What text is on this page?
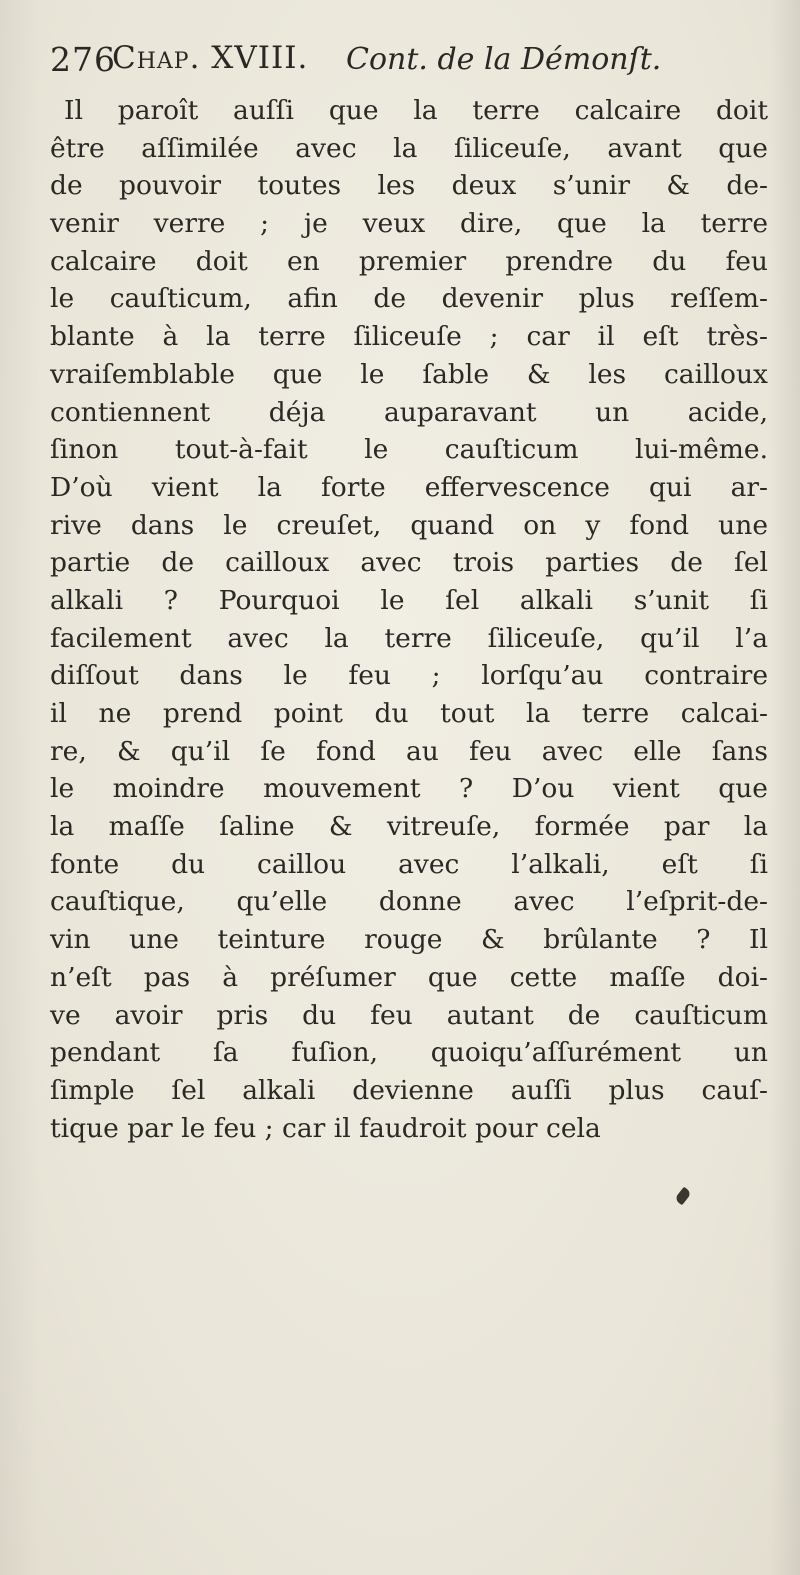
276
Chap. XVIII. Cont. de la Démonſt.
Il paroît auſſi que la terre calcaire doit
être aſſimilée avec la ſiliceuſe, avant que
de pouvoir toutes les deux s’unir & de-
venir verre ; je veux dire, que la terre
calcaire doit en premier prendre du feu
le cauſticum, afin de devenir plus reſſem-
blante à la terre ſiliceuſe ; car il eſt très-
vraiſemblable que le ſable & les cailloux
contiennent déja auparavant un acide,
ſinon tout-à-fait le cauſticum lui-même.
D’où vient la forte effervescence qui ar-
rive dans le creuſet, quand on y fond une
partie de cailloux avec trois parties de ſel
alkali ? Pourquoi le ſel alkali s’unit ſi
facilement avec la terre ſiliceuſe, qu’il l’a
diſſout dans le feu ; lorſqu’au contraire
il ne prend point du tout la terre calcai-
re, & qu’il ſe fond au feu avec elle ſans
le moindre mouvement ? D’ou vient que
la maſſe ſaline & vitreuſe, formée par la
fonte du caillou avec l’alkali, eſt ſi
cauſtique, qu’elle donne avec l’eſprit-de-
vin une teinture rouge & brûlante ? Il
n’eſt pas à préſumer que cette maſſe doi-
ve avoir pris du feu autant de cauſticum
pendant ſa fuſion, quoiqu’aſſurément un
ſimple ſel alkali devienne auſſi plus cauſ-
tique par le feu ; car il faudroit pour cela
